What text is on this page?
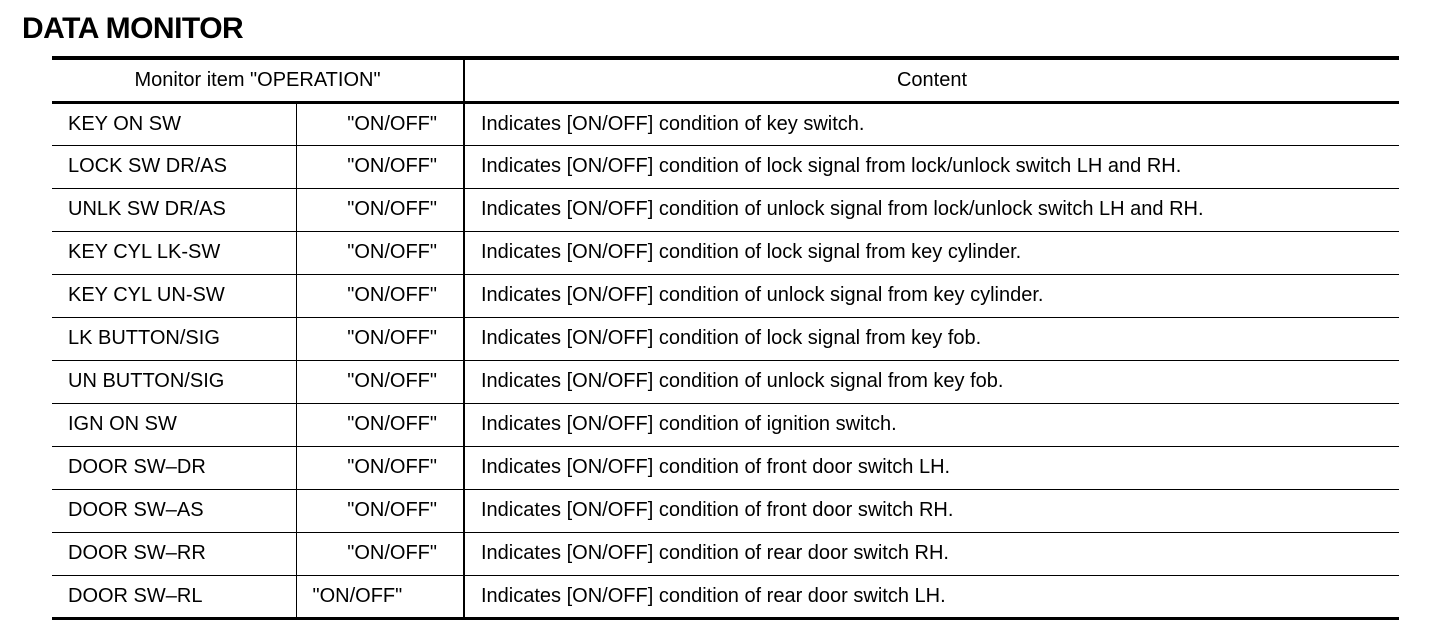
DATA MONITOR
Monitor item "OPERATION"		Content
KEY ON SW	"ON/OFF"	Indicates [ON/OFF] condition of key switch.
LOCK SW DR/AS	"ON/OFF"	Indicates [ON/OFF] condition of lock signal from lock/unlock switch LH and RH.
UNLK SW DR/AS	"ON/OFF"	Indicates [ON/OFF] condition of unlock signal from lock/unlock switch LH and RH.
KEY CYL LK-SW	"ON/OFF"	Indicates [ON/OFF] condition of lock signal from key cylinder.
KEY CYL UN-SW	"ON/OFF"	Indicates [ON/OFF] condition of unlock signal from key cylinder.
LK BUTTON/SIG	"ON/OFF"	Indicates [ON/OFF] condition of lock signal from key fob.
UN BUTTON/SIG	"ON/OFF"	Indicates [ON/OFF] condition of unlock signal from key fob.
IGN ON SW	"ON/OFF"	Indicates [ON/OFF] condition of ignition switch.
DOOR SW–DR	"ON/OFF"	Indicates [ON/OFF] condition of front door switch LH.
DOOR SW–AS	"ON/OFF"	Indicates [ON/OFF] condition of front door switch RH.
DOOR SW–RR	"ON/OFF"	Indicates [ON/OFF] condition of rear door switch RH.
DOOR SW–RL	"ON/OFF"	Indicates [ON/OFF] condition of rear door switch LH.
